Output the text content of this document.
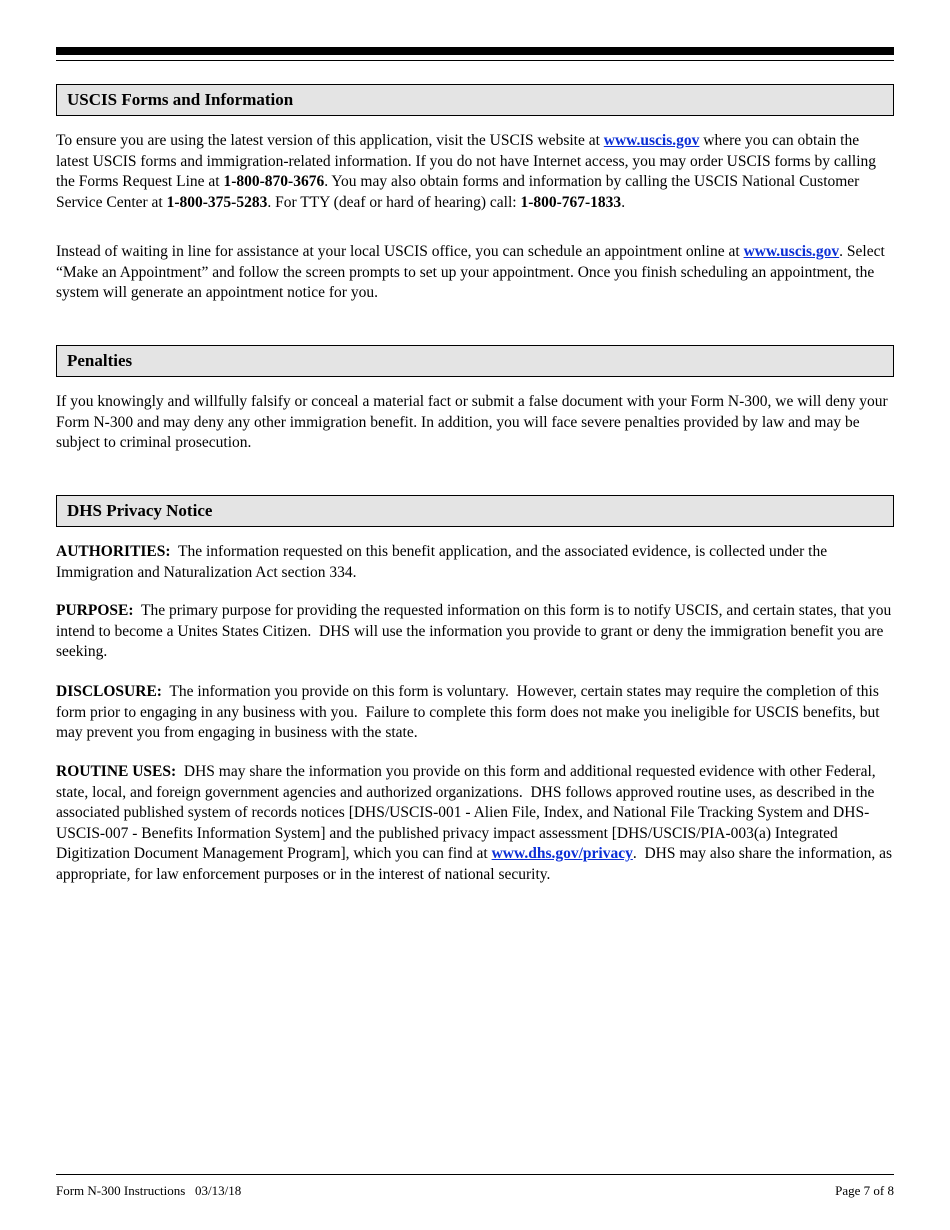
USCIS Forms and Information

To ensure you are using the latest version of this application, visit the USCIS website at www.uscis.gov where you can obtain the latest USCIS forms and immigration-related information. If you do not have Internet access, you may order USCIS forms by calling the Forms Request Line at 1-800-870-3676. You may also obtain forms and information by calling the USCIS National Customer Service Center at 1-800-375-5283. For TTY (deaf or hard of hearing) call: 1-800-767-1833.

Instead of waiting in line for assistance at your local USCIS office, you can schedule an appointment online at www.uscis.gov. Select “Make an Appointment” and follow the screen prompts to set up your appointment. Once you finish scheduling an appointment, the system will generate an appointment notice for you.

Penalties

If you knowingly and willfully falsify or conceal a material fact or submit a false document with your Form N-300, we will deny your Form N-300 and may deny any other immigration benefit. In addition, you will face severe penalties provided by law and may be subject to criminal prosecution.

DHS Privacy Notice

AUTHORITIES:  The information requested on this benefit application, and the associated evidence, is collected under the Immigration and Naturalization Act section 334.

PURPOSE:  The primary purpose for providing the requested information on this form is to notify USCIS, and certain states, that you intend to become a Unites States Citizen.  DHS will use the information you provide to grant or deny the immigration benefit you are seeking.

DISCLOSURE:  The information you provide on this form is voluntary.  However, certain states may require the completion of this form prior to engaging in any business with you.  Failure to complete this form does not make you ineligible for USCIS benefits, but may prevent you from engaging in business with the state.

ROUTINE USES:  DHS may share the information you provide on this form and additional requested evidence with other Federal, state, local, and foreign government agencies and authorized organizations.  DHS follows approved routine uses, as described in the associated published system of records notices [DHS/USCIS-001 - Alien File, Index, and National File Tracking System and DHS-USCIS-007 - Benefits Information System] and the published privacy impact assessment [DHS/USCIS/PIA-003(a) Integrated Digitization Document Management Program], which you can find at www.dhs.gov/privacy.  DHS may also share the information, as appropriate, for law enforcement purposes or in the interest of national security.

Form N-300 Instructions   03/13/18	Page 7 of 8
